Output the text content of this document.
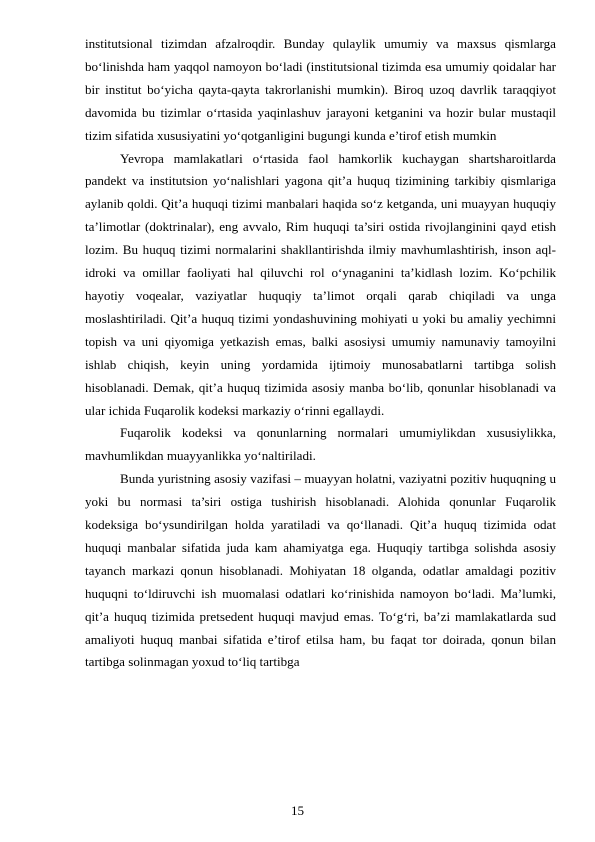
institutsional tizimdan afzalroqdir. Bunday qulaylik umumiy va maxsus qismlarga bo‘linishda ham yaqqol namoyon bo‘ladi (institutsional tizimda esa umumiy qoidalar har bir institut bo‘yicha qayta-qayta takrorlanishi mumkin). Biroq uzoq davrlik taraqqiyot davomida bu tizimlar o‘rtasida yaqinlashuv jarayoni ketganini va hozir bular mustaqil tizim sifatida xususiyatini yo‘qotganligini bugungi kunda e’tirof etish mumkin

Yevropa mamlakatlari o‘rtasida faol hamkorlik kuchaygan shartsharoitlarda pandekt va institutsion yo‘nalishlari yagona qit’a huquq tizimining tarkibiy qismlariga aylanib qoldi. Qit’a huquqi tizimi manbalari haqida so‘z ketganda, uni muayyan huquqiy ta’limotlar (doktrinalar), eng avvalo, Rim huquqi ta’siri ostida rivojlanginini qayd etish lozim. Bu huquq tizimi normalarini shakllantirishda ilmiy mavhumlashtirish, inson aql-idroki va omillar faoliyati hal qiluvchi rol o‘ynaganini ta’kidlash lozim. Ko‘pchilik hayotiy voqealar, vaziyatlar huquqiy ta’limot orqali qarab chiqiladi va unga moslashtiriladi. Qit’a huquq tizimi yondashuvining mohiyati u yoki bu amaliy yechimni topish va uni qiyomiga yetkazish emas, balki asosiysi umumiy namunaviy tamoyilni ishlab chiqish, keyin uning yordamida ijtimoiy munosabatlarni tartibga solish hisoblanadi. Demak, qit’a huquq tizimida asosiy manba bo‘lib, qonunlar hisoblanadi va ular ichida Fuqarolik kodeksi markaziy o‘rinni egallaydi.

Fuqarolik kodeksi va qonunlarning normalari umumiylikdan xususiylikka, mavhumlikdan muayyanlikka yo‘naltiriladi.

Bunda yuristning asosiy vazifasi – muayyan holatni, vaziyatni pozitiv huquqning u yoki bu normasi ta’siri ostiga tushirish hisoblanadi. Alohida qonunlar Fuqarolik kodeksiga bo‘ysundirilgan holda yaratiladi va qo‘llanadi. Qit’a huquq tizimida odat huquqi manbalar sifatida juda kam ahamiyatga ega. Huquqiy tartibga solishda asosiy tayanch markazi qonun hisoblanadi. Mohiyatan 18 olganda, odatlar amaldagi pozitiv huquqni to‘ldiruvchi ish muomalasi odatlari ko‘rinishida namoyon bo‘ladi. Ma’lumki, qit’a huquq tizimida pretsedent huquqi mavjud emas. To‘g‘ri, ba’zi mamlakatlarda sud amaliyoti huquq manbai sifatida e’tirof etilsa ham, bu faqat tor doirada, qonun bilan tartibga solinmagan yoxud to‘liq tartibga

15
